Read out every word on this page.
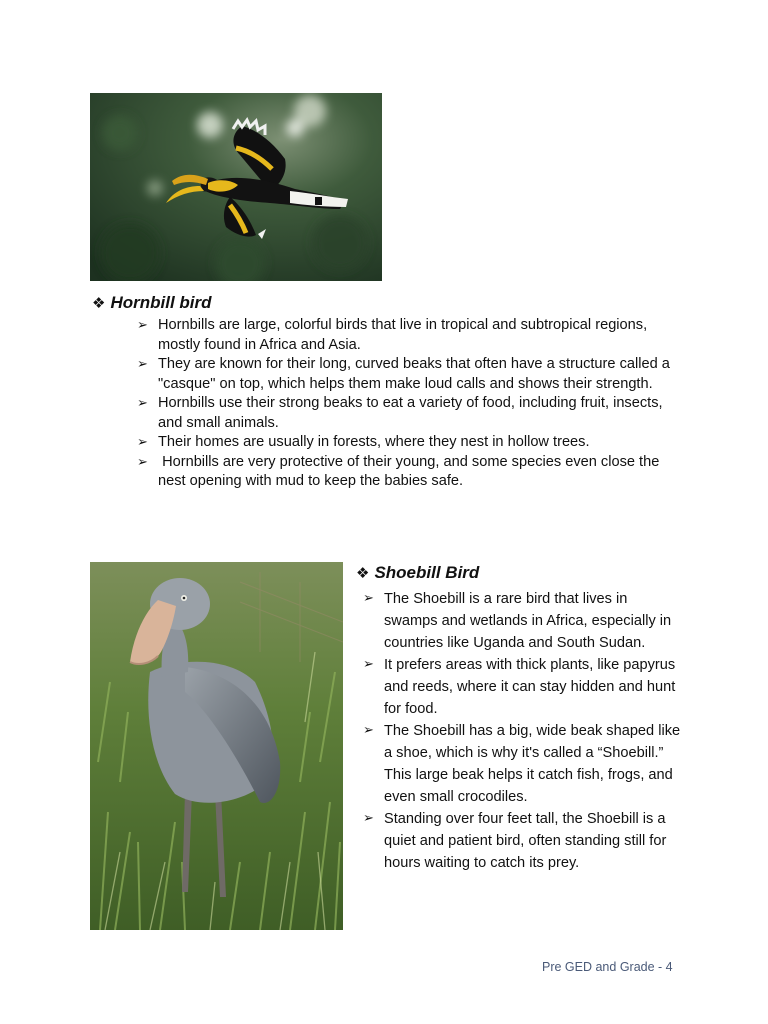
❖ Hornbill bird
➢ Hornbills are large, colorful birds that live in tropical and subtropical regions, mostly found in Africa and Asia.
➢ They are known for their long, curved beaks that often have a structure called a "casque" on top, which helps them make loud calls and shows their strength.
➢ Hornbills use their strong beaks to eat a variety of food, including fruit, insects, and small animals.
➢ Their homes are usually in forests, where they nest in hollow trees.
➢ Hornbills are very protective of their young, and some species even close the nest opening with mud to keep the babies safe.
❖ Shoebill Bird
➢ The Shoebill is a rare bird that lives in swamps and wetlands in Africa, especially in countries like Uganda and South Sudan.
➢ It prefers areas with thick plants, like papyrus and reeds, where it can stay hidden and hunt for food.
➢ The Shoebill has a big, wide beak shaped like a shoe, which is why it's called a “Shoebill.” This large beak helps it catch fish, frogs, and even small crocodiles.
➢ Standing over four feet tall, the Shoebill is a quiet and patient bird, often standing still for hours waiting to catch its prey.
Pre GED and Grade - 4
